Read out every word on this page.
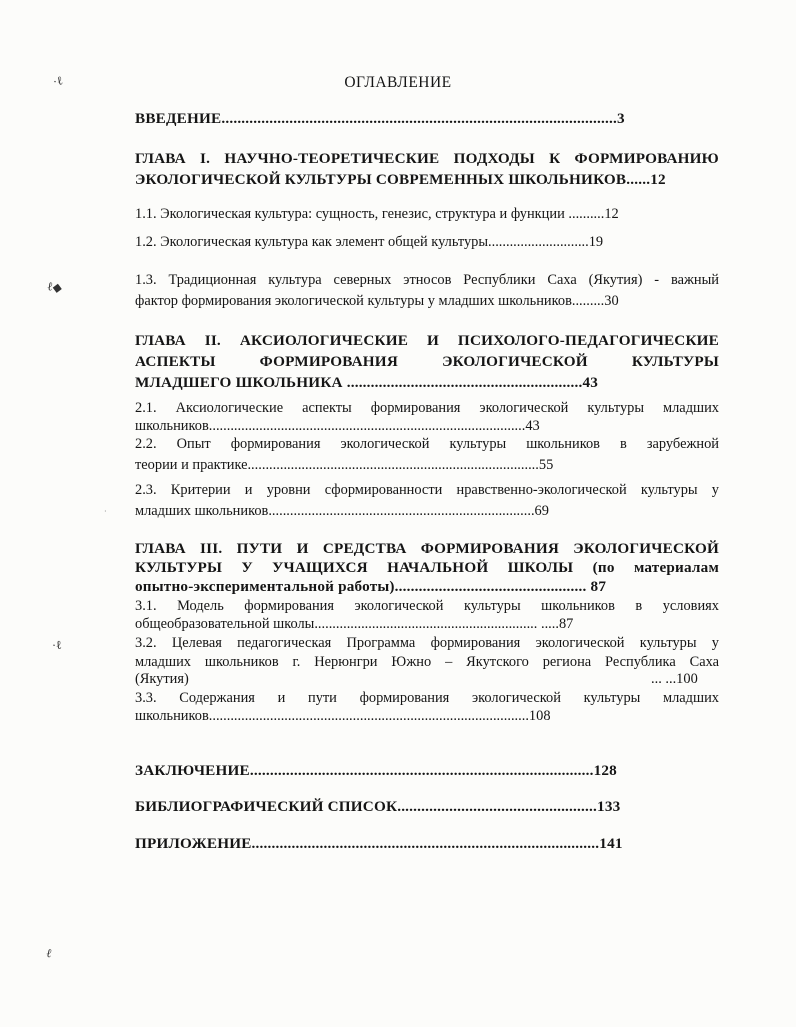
·ℓ
ℓ◆
·ℓ
ℓ
·
ОГЛАВЛЕНИЕ
ВВЕДЕНИЕ...................................................................................................3
ГЛАВА I. НАУЧНО-ТЕОРЕТИЧЕСКИЕ ПОДХОДЫ К ФОРМИРОВАНИЮ
ЭКОЛОГИЧЕСКОЙ КУЛЬТУРЫ СОВРЕМЕННЫХ ШКОЛЬНИКОВ......12
1.1. Экологическая культура: сущность, генезис, структура и функции ..........12
1.2. Экологическая культура как элемент общей культуры............................19
1.3. Традиционная культура северных этносов Республики Саха (Якутия) - важный
фактор формирования экологической культуры у младших школьников.........30
ГЛАВА II. АКСИОЛОГИЧЕСКИЕ И ПСИХОЛОГО-ПЕДАГОГИЧЕСКИЕ
АСПЕКТЫ ФОРМИРОВАНИЯ ЭКОЛОГИЧЕСКОЙ КУЛЬТУРЫ
МЛАДШЕГО ШКОЛЬНИКА ...........................................................43
2.1. Аксиологические аспекты формирования экологической культуры младших
школьников........................................................................................43
2.2. Опыт формирования экологической культуры школьников в зарубежной
теории и практике.................................................................................55
2.3. Критерии и уровни сформированности нравственно-экологической культуры у
младших школьников..........................................................................69
ГЛАВА III. ПУТИ И СРЕДСТВА ФОРМИРОВАНИЯ ЭКОЛОГИЧЕСКОЙ
КУЛЬТУРЫ У УЧАЩИХСЯ НАЧАЛЬНОЙ ШКОЛЫ (по материалам
опытно-экспериментальной работы)................................................ 87
3.1. Модель формирования экологической культуры школьников в условиях
общеобразовательной школы.............................................................. .....87
3.2. Целевая педагогическая Программа формирования экологической культуры у
младших школьников г. Нерюнгри Южно – Якутского региона Республика Саха
(Якутия)	... ...100
3.3. Содержания и пути формирования экологической культуры младших
школьников.........................................................................................108
ЗАКЛЮЧЕНИЕ......................................................................................128
БИБЛИОГРАФИЧЕСКИЙ СПИСОК..................................................133
ПРИЛОЖЕНИЕ.......................................................................................141
